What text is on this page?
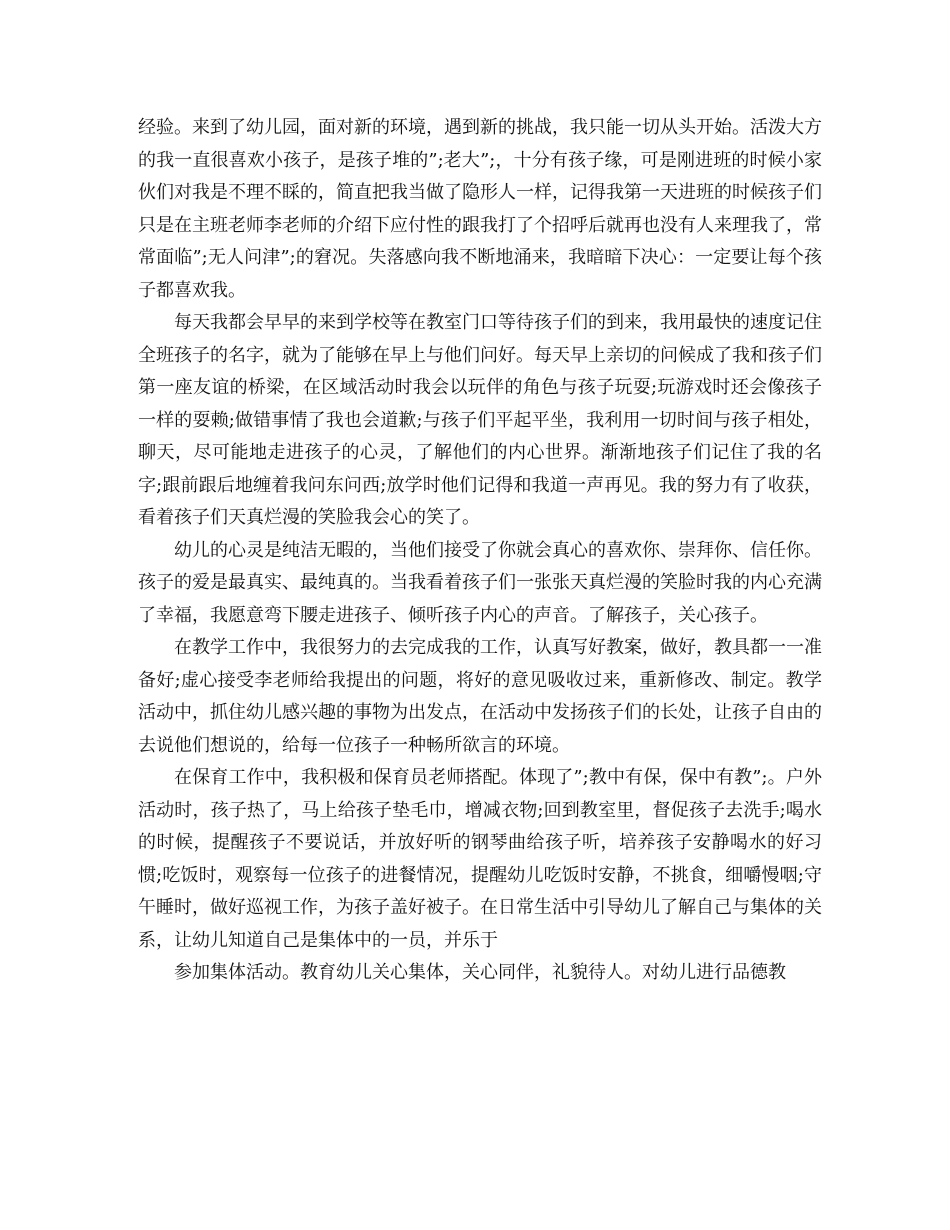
经验。来到了幼儿园，面对新的环境，遇到新的挑战，我只能一切从头开始。活泼大方的我一直很喜欢小孩子，是孩子堆的”;老大”;，十分有孩子缘，可是刚进班的时候小家伙们对我是不理不睬的，简直把我当做了隐形人一样，记得我第一天进班的时候孩子们只是在主班老师李老师的介绍下应付性的跟我打了个招呼后就再也没有人来理我了，常常面临”;无人问津”;的窘况。失落感向我不断地涌来，我暗暗下决心：一定要让每个孩子都喜欢我。

每天我都会早早的来到学校等在教室门口等待孩子们的到来，我用最快的速度记住全班孩子的名字，就为了能够在早上与他们问好。每天早上亲切的问候成了我和孩子们第一座友谊的桥梁，在区域活动时我会以玩伴的角色与孩子玩耍;玩游戏时还会像孩子一样的耍赖;做错事情了我也会道歉;与孩子们平起平坐，我利用一切时间与孩子相处，聊天，尽可能地走进孩子的心灵，了解他们的内心世界。渐渐地孩子们记住了我的名字;跟前跟后地缠着我问东问西;放学时他们记得和我道一声再见。我的努力有了收获，看着孩子们天真烂漫的笑脸我会心的笑了。

幼儿的心灵是纯洁无暇的，当他们接受了你就会真心的喜欢你、崇拜你、信任你。孩子的爱是最真实、最纯真的。当我看着孩子们一张张天真烂漫的笑脸时我的内心充满了幸福，我愿意弯下腰走进孩子、倾听孩子内心的声音。了解孩子，关心孩子。

在教学工作中，我很努力的去完成我的工作，认真写好教案，做好，教具都一一准备好;虚心接受李老师给我提出的问题，将好的意见吸收过来，重新修改、制定。教学活动中，抓住幼儿感兴趣的事物为出发点，在活动中发扬孩子们的长处，让孩子自由的去说他们想说的，给每一位孩子一种畅所欲言的环境。

在保育工作中，我积极和保育员老师搭配。体现了”;教中有保，保中有教”;。户外活动时，孩子热了，马上给孩子垫毛巾，增减衣物;回到教室里，督促孩子去洗手;喝水的时候，提醒孩子不要说话，并放好听的钢琴曲给孩子听，培养孩子安静喝水的好习惯;吃饭时，观察每一位孩子的进餐情况，提醒幼儿吃饭时安静，不挑食，细嚼慢咽;守午睡时，做好巡视工作，为孩子盖好被子。在日常生活中引导幼儿了解自己与集体的关系，让幼儿知道自己是集体中的一员，并乐于

参加集体活动。教育幼儿关心集体，关心同伴，礼貌待人。对幼儿进行品德教
